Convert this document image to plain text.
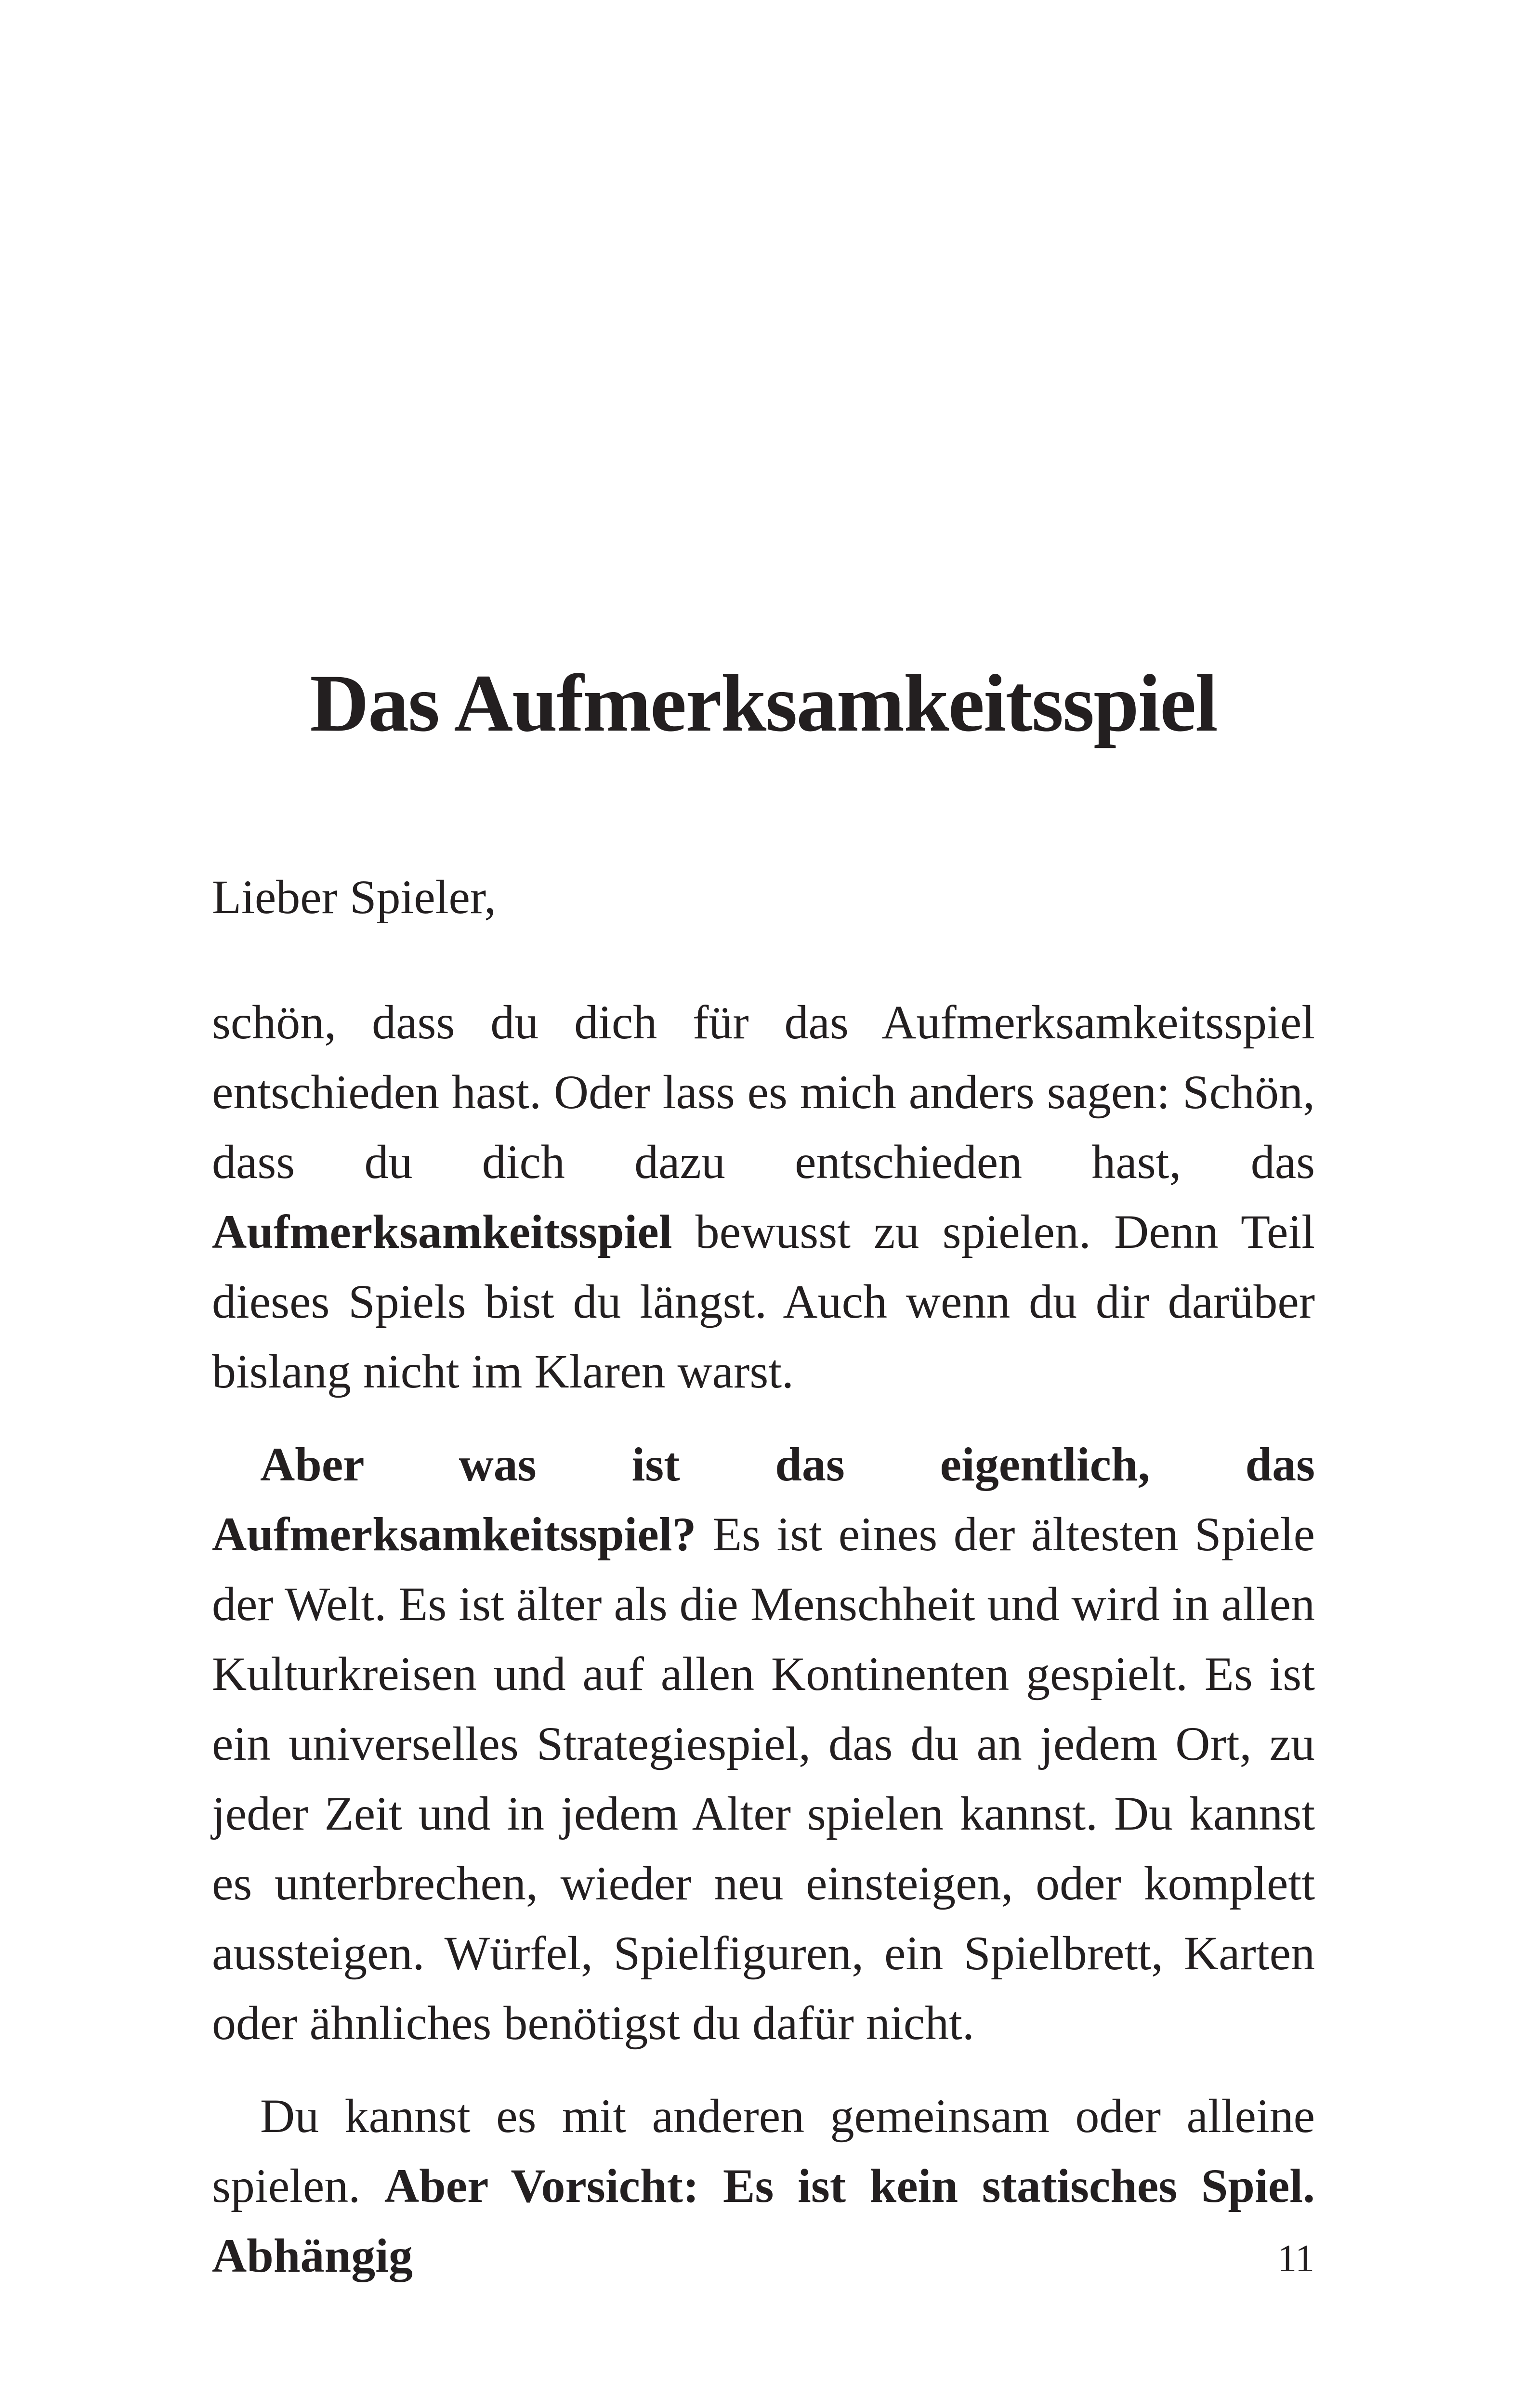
Das Aufmerksamkeitsspiel

Lieber Spieler,

schön, dass du dich für das Aufmerksamkeitsspiel entschieden hast. Oder lass es mich anders sagen: Schön, dass du dich dazu entschieden hast, das Aufmerksamkeitsspiel bewusst zu spielen. Denn Teil dieses Spiels bist du längst. Auch wenn du dir darüber bislang nicht im Klaren warst.

Aber was ist das eigentlich, das Aufmerksamkeitsspiel? Es ist eines der ältesten Spiele der Welt. Es ist älter als die Menschheit und wird in allen Kulturkreisen und auf allen Kontinenten gespielt. Es ist ein universelles Strategiespiel, das du an jedem Ort, zu jeder Zeit und in jedem Alter spielen kannst. Du kannst es unterbrechen, wieder neu einsteigen, oder komplett aussteigen. Würfel, Spielfiguren, ein Spielbrett, Karten oder ähnliches benötigst du dafür nicht.

Du kannst es mit anderen gemeinsam oder alleine spielen. Aber Vorsicht: Es ist kein statisches Spiel. Abhängig	11
